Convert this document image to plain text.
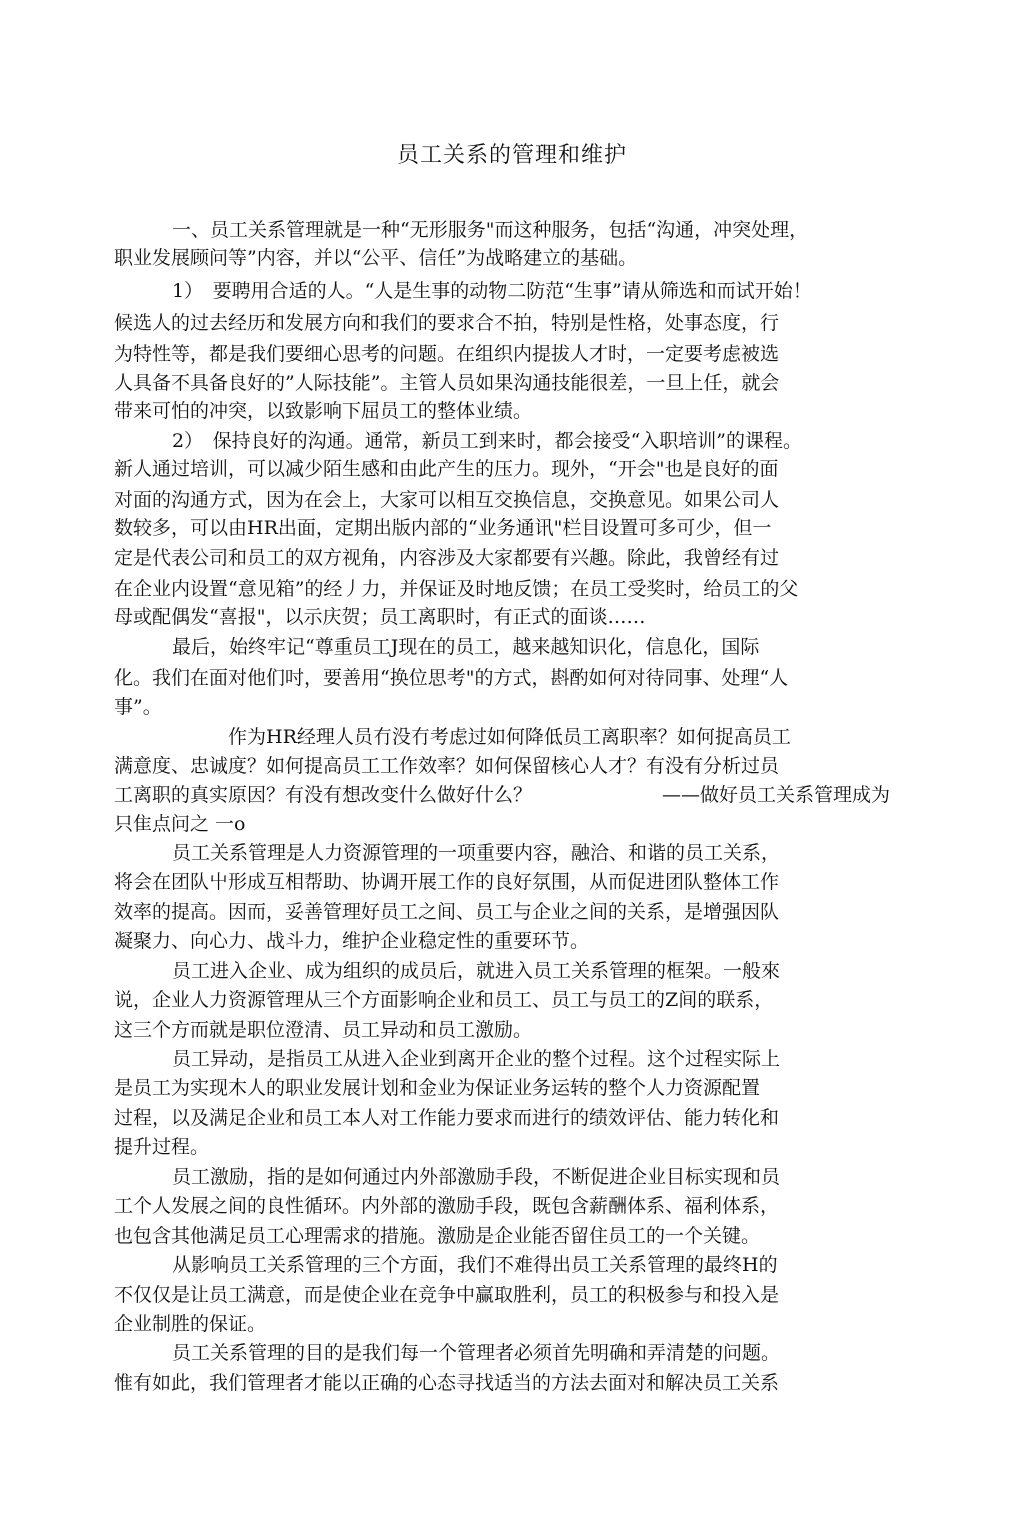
员工关系的管理和维护
一、员工关系管理就是一种“无形服务"而这种服务，包括“沟通，冲突处理，
职业发展顾问等”内容，并以“公平、信任”为战略建立的基础。
1）　要聘用合适的人。“人是生事的动物二防范“生事”请从筛选和而试开始！
候选人的过去经历和发展方向和我们的要求合不拍，特别是性格，处事态度，行
为特性等，都是我们要细心思考的问题。在组织内提拔人才时，一定要考虑被选
人具备不具备良好的”人际技能”。主管人员如果沟通技能很差，一旦上任，就会
带来可怕的冲突，以致影响下屈员工的整体业绩。
2）　保持良好的沟通。通常，新员工到来时，都会接受“入职培训”的课程。
新人通过培训，可以减少陌生感和由此产生的压力。现外，“开会"也是良好的面
对面的沟通方式，因为在会上，大家可以相互交换信息，交换意见。如果公司人
数较多，可以由HR出面，定期出版内部的“业务通讯"栏目设置可多可少，但一
定是代表公司和员工的双方视角，内容涉及大家都要有兴趣。除此，我曾经有过
在企业内设置“意见箱”的经丿力，并保证及时地反馈；在员工受奖时，给员工的父
母或配偶发“喜报"，以示庆贺；员工离职时，有正式的面谈……
最后，始终牢记“尊重员工J现在的员工，越来越知识化，信息化，国际
化。我们在面对他们吋，要善用“换位思考"的方式，斟酌如何对待同事、处理“人
事”。
作为HR经理人员冇没冇考虑过如何降低员工离职率？如何捉高员工
满意度、忠诚度？如何提高员工工作效率？如何保留核心人才？有没有分析过员
工离职的真实原因？有没有想改变什么做好什么？	——做好员工关系管理成为
只隹点问之 一o
员工关系管理是人力资源管理的一项重要内容，融洽、和谐的员工关系，
将会在团队屮形成互相帮助、协调开展工作的良好氛围，从而促进团队整体工作
效率的提高。因而，妥善管理好员工之间、员工与企业之间的关系，是增强因队
凝聚力、向心力、战斗力，维护企业稳定性的重要环节。
员工进入企业、成为组织的成员后，就进入员工关系管理的框架。一般來
说，企业人力资源管理从三个方面影响企业和员工、员工与员工的Z间的联系，
这三个方而就是职位澄清、员工异动和员工激励。
员工异动，是指员工从进入企业到离开企业的整个过程。这个过程实际上
是员工为实现木人的职业发展计划和金业为保证业务运转的整个人力资源配置
过程，以及满足企业和员工本人对工作能力要求而进行的绩效评估、能力转化和
提升过程。
员工激励，指的是如何通过内外部激励手段，不断促进企业目标实现和员
工个人发展之间的良性循环。内外部的激励手段，既包含薪酬体系、福利体系，
也包含其他满足员工心理需求的措施。激励是企业能否留住员工的一个关键。
从影响员工关系管理的三个方面，我们不难得出员工关系管理的最终H的
不仅仅是让员工满意，而是使企业在竞争中赢取胜利，员工的积极参与和投入是
企业制胜的保证。
员工关系管理的目的是我们每一个管理者必须首先明确和弄清楚的问题。
惟有如此，我们管理者才能以正确的心态寻找适当的方法去面对和解决员工关系
